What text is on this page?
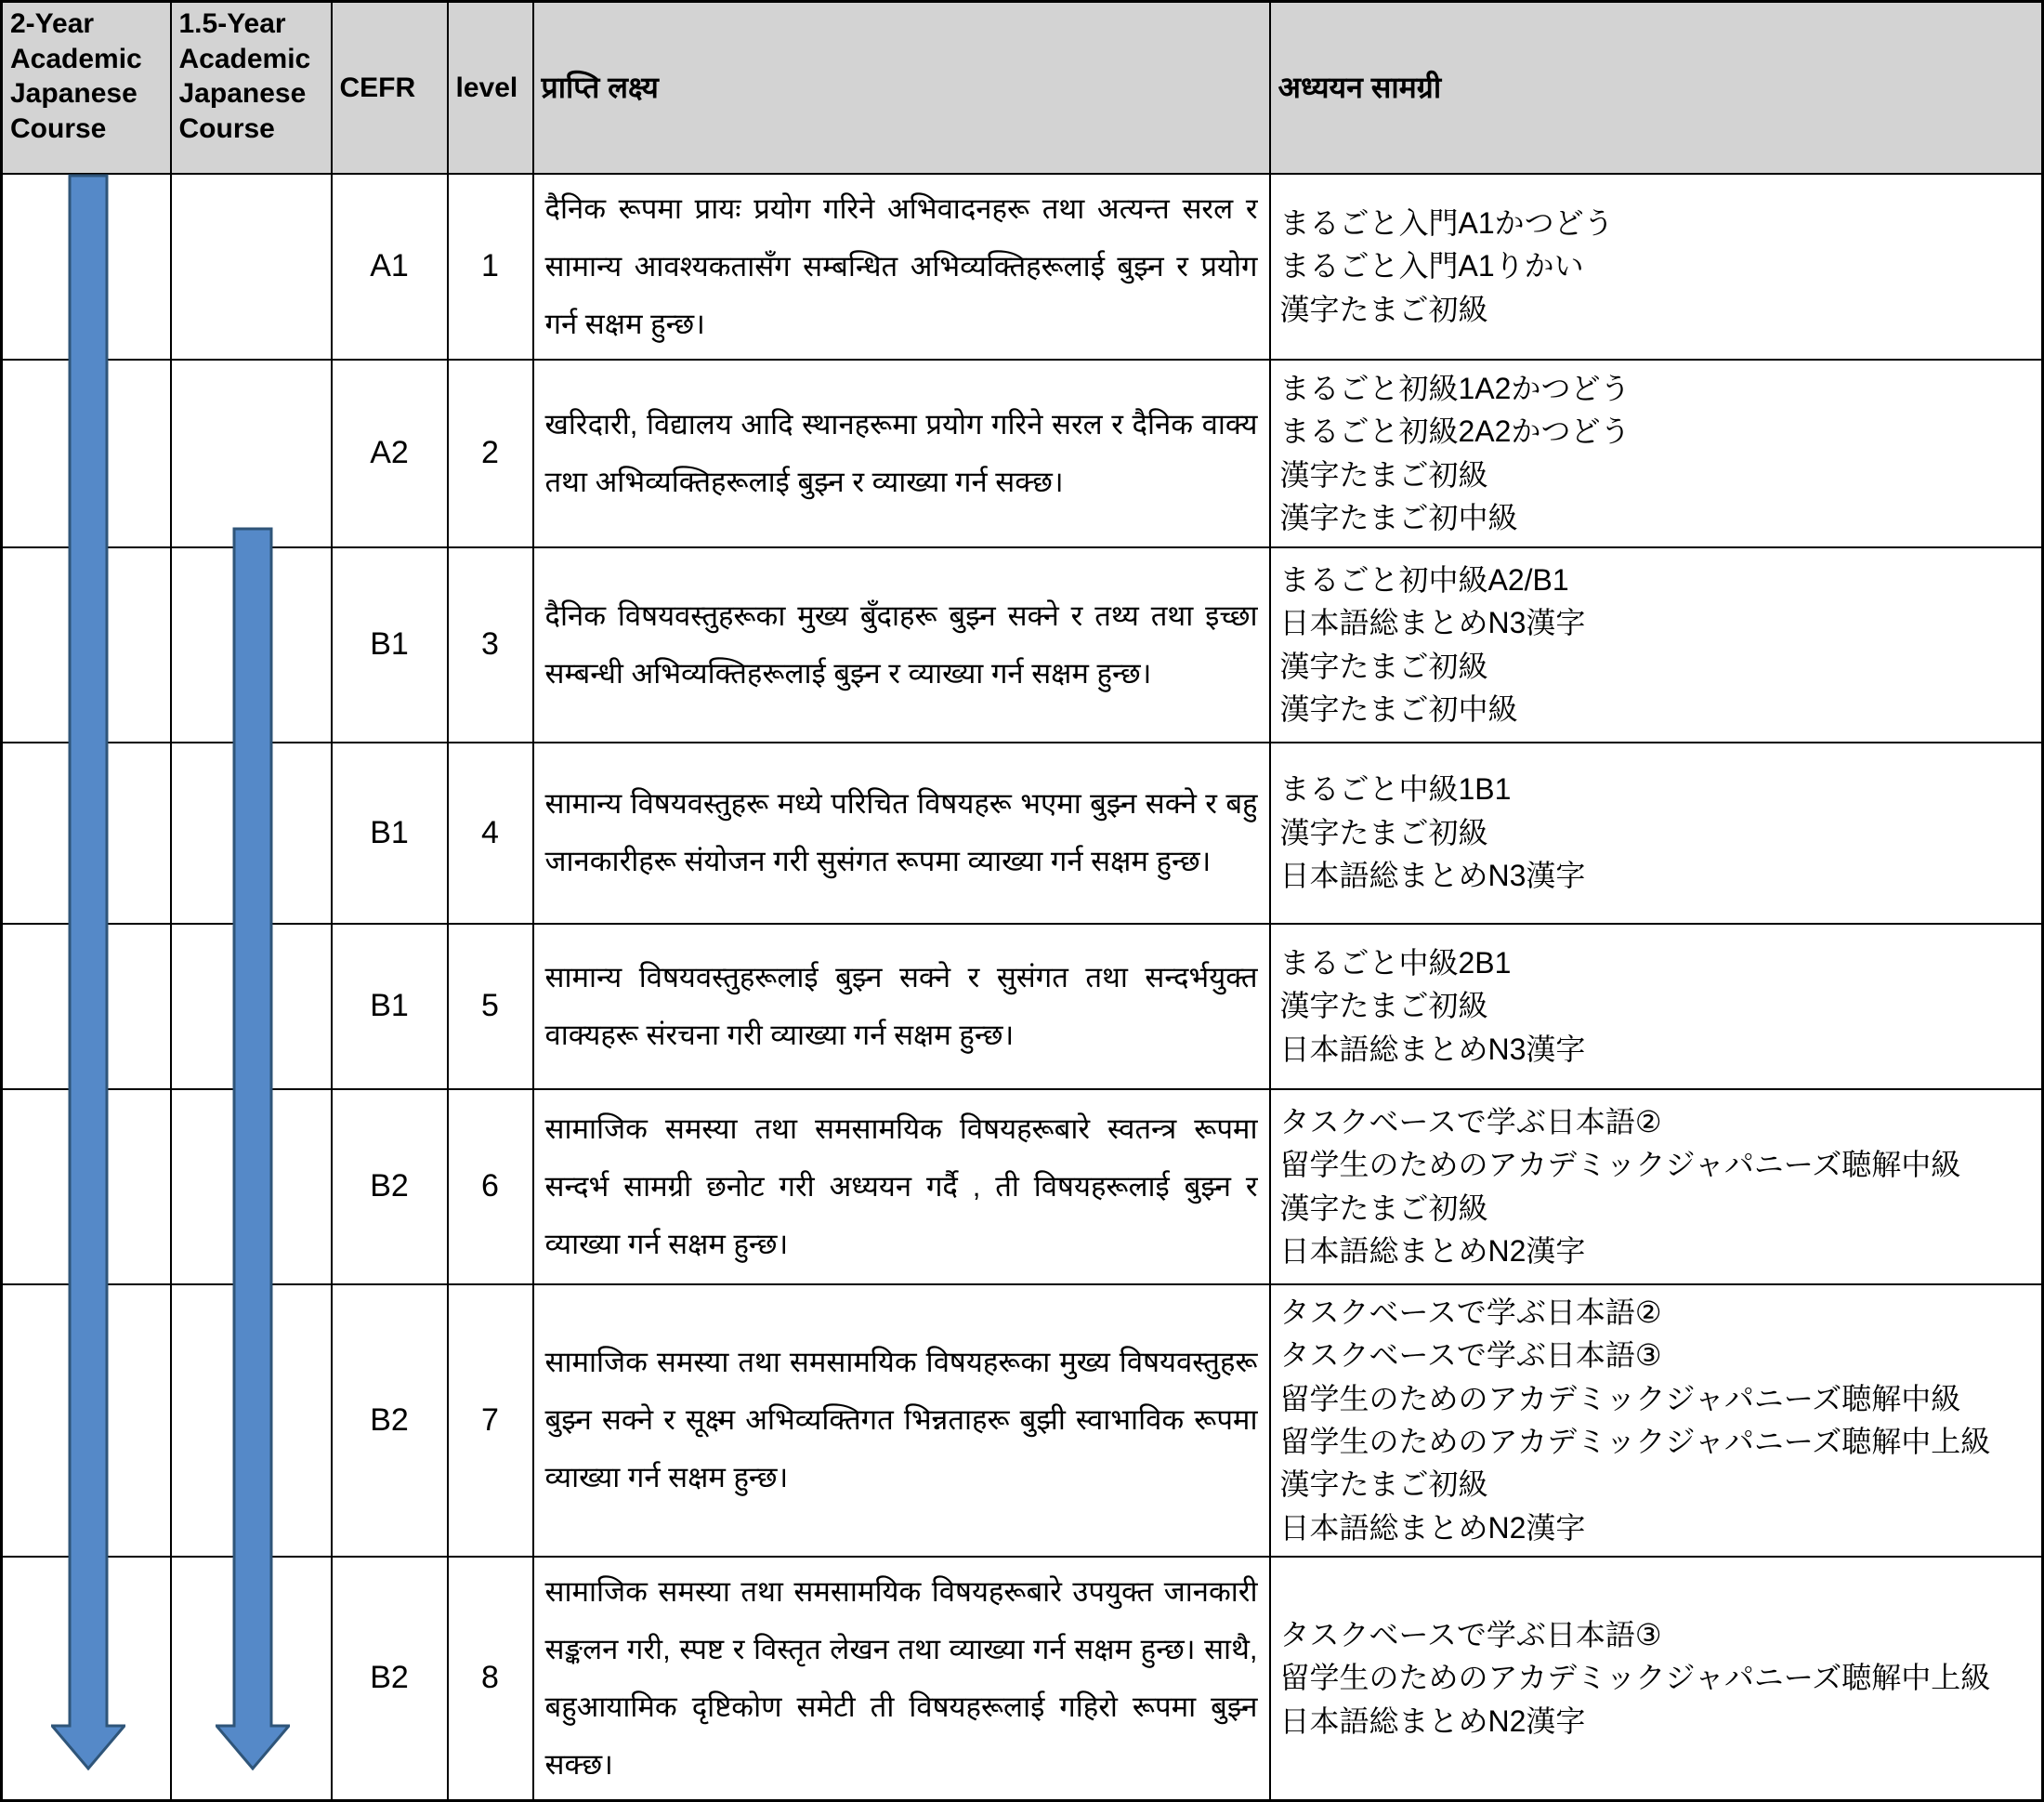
2-Year Academic Japanese Course	1.5-Year Academic Japanese Course	CEFR	level	प्राप्ति लक्ष्य	अध्ययन सामग्री
		A1	1	दैनिक रूपमा प्रायः प्रयोग गरिने अभिवादनहरू तथा अत्यन्त सरल र सामान्य आवश्यकतासँग सम्बन्धित अभिव्यक्तिहरूलाई बुझ्न र प्रयोग गर्न सक्षम हुन्छ।	まるごと入門A1かつどう
まるごと入門A1りかい
漢字たまご初級

		A2	2	खरिदारी, विद्यालय आदि स्थानहरूमा प्रयोग गरिने सरल र दैनिक वाक्य तथा अभिव्यक्तिहरूलाई बुझ्न र व्याख्या गर्न सक्छ।	まるごと初級1A2かつどう
まるごと初級2A2かつどう
漢字たまご初級
漢字たまご初中級

		B1	3	दैनिक विषयवस्तुहरूका मुख्य बुँदाहरू बुझ्न सक्ने र तथ्य तथा इच्छा सम्बन्धी अभिव्यक्तिहरूलाई बुझ्न र व्याख्या गर्न सक्षम हुन्छ।	まるごと初中級A2/B1
日本語総まとめN3漢字
漢字たまご初級
漢字たまご初中級

		B1	4	सामान्य विषयवस्तुहरू मध्ये परिचित विषयहरू भएमा बुझ्न सक्ने र बहु जानकारीहरू संयोजन गरी सुसंगत रूपमा व्याख्या गर्न सक्षम हुन्छ।	まるごと中級1B1
漢字たまご初級
日本語総まとめN3漢字

		B1	5	सामान्य विषयवस्तुहरूलाई बुझ्न सक्ने र सुसंगत तथा सन्दर्भयुक्त वाक्यहरू संरचना गरी व्याख्या गर्न सक्षम हुन्छ।	まるごと中級2B1
漢字たまご初級
日本語総まとめN3漢字

		B2	6	सामाजिक समस्या तथा समसामयिक विषयहरूबारे स्वतन्त्र रूपमा सन्दर्भ सामग्री छनोट गरी अध्ययन गर्दै , ती विषयहरूलाई बुझ्न र व्याख्या गर्न सक्षम हुन्छ।	タスクベースで学ぶ日本語②
留学生のためのアカデミックジャパニーズ聴解中級
漢字たまご初級
日本語総まとめN2漢字

		B2	7	सामाजिक समस्या तथा समसामयिक विषयहरूका मुख्य विषयवस्तुहरू बुझ्न सक्ने र सूक्ष्म अभिव्यक्तिगत भिन्नताहरू बुझी स्वाभाविक रूपमा व्याख्या गर्न सक्षम हुन्छ।	
タスクベースで学ぶ日本語②
タスクベースで学ぶ日本語③
留学生のためのアカデミックジャパニーズ聴解中級
留学生のためのアカデミックジャパニーズ聴解中上級
漢字たまご初級
日本語総まとめN2漢字

		B2	8	सामाजिक समस्या तथा समसामयिक विषयहरूबारे उपयुक्त जानकारी सङ्कलन गरी, स्पष्ट र विस्तृत लेखन तथा व्याख्या गर्न सक्षम हुन्छ। साथै, बहुआयामिक दृष्टिकोण समेटी ती विषयहरूलाई गहिरो रूपमा बुझ्न सक्छ।	タスクベースで学ぶ日本語③
留学生のためのアカデミックジャパニーズ聴解中上級
日本語総まとめN2漢字
